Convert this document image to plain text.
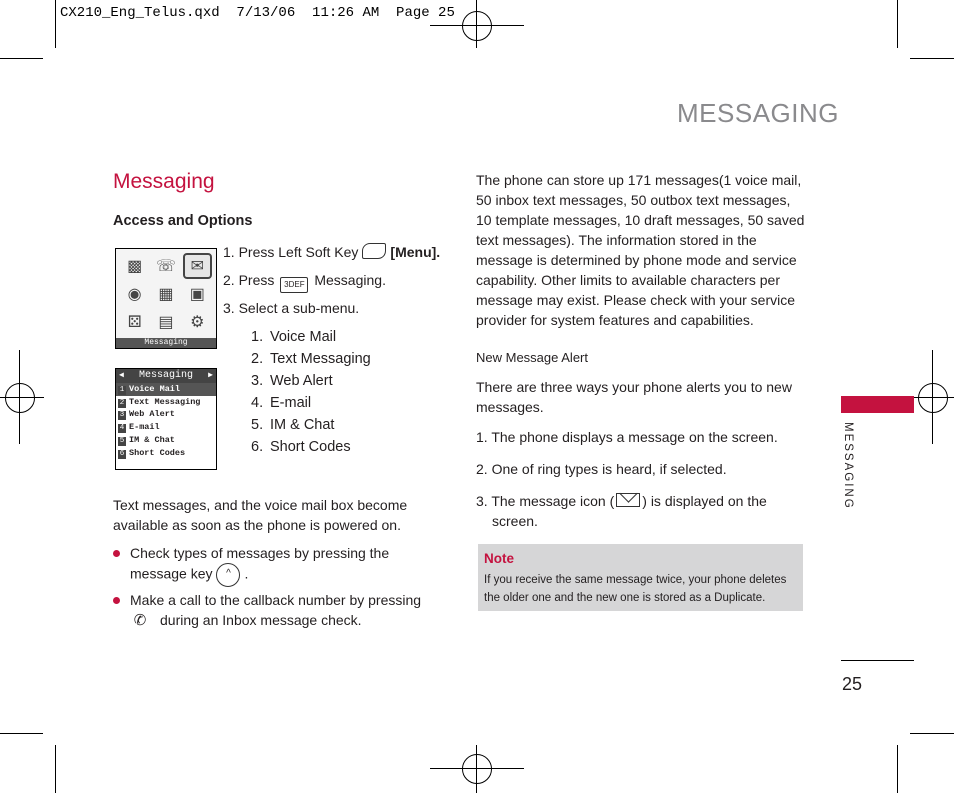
CX210_Eng_Telus.qxd  7/13/06  11:26 AM  Page 25
MESSAGING
Messaging
Access and Options
▩ ☏ ✉
◉	▦	▣
⚄	▤	⚙
Messaging
◀ Messaging ▶
1 Voice Mail
2 Text Messaging
3 Web Alert
4 E-mail
5 IM & Chat
6 Short Codes
1. Press Left Soft Key [Menu].
2. Press 3DEF Messaging.
3. Select a sub-menu.
1. Voice Mail
2. Text Messaging
3. Web Alert
4. E-mail
5. IM & Chat
6. Short Codes
Text messages, and the voice mail box become available as soon as the phone is powered on.
Check types of messages by pressing the message key ^ .
Make a call to the callback number by pressing
✆ during an Inbox message check.
The phone can store up 171 messages(1 voice mail, 50 inbox text messages, 50 outbox text messages, 10 template messages, 10 draft messages, 50 saved text messages). The information stored in the message is determined by phone mode and service capability. Other limits to available characters per message may exist. Please check with your service provider for system features and capabilities.
New Message Alert
There are three ways your phone alerts you to new messages.
1. The phone displays a message on the screen.
2. One of ring types is heard, if selected.
3. The message icon ( ) is displayed on the screen.
Note
If you receive the same message twice, your phone deletes the older one and the new one is stored as a Duplicate.
MESSAGING
25
